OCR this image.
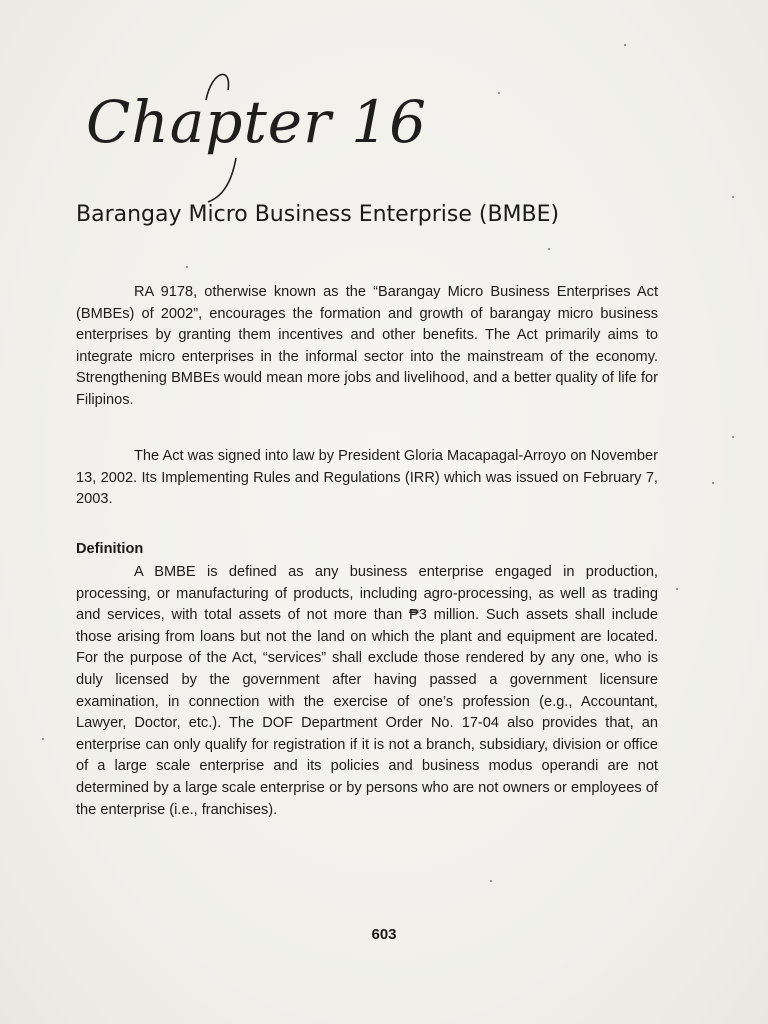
Chapter 16
Barangay Micro Business Enterprise (BMBE)

RA 9178, otherwise known as the “Barangay Micro Business Enterprises Act (BMBEs) of 2002”, encourages the formation and growth of barangay micro business enterprises by granting them incentives and other benefits. The Act primarily aims to integrate micro enterprises in the informal sector into the mainstream of the economy. Strengthening BMBEs would mean more jobs and livelihood, and a better quality of life for Filipinos.

The Act was signed into law by President Gloria Macapagal-Arroyo on November 13, 2002. Its Implementing Rules and Regulations (IRR) which was issued on February 7, 2003.

Definition

A BMBE is defined as any business enterprise engaged in production, processing, or manufacturing of products, including agro-processing, as well as trading and services, with total assets of not more than ₱3 million. Such assets shall include those arising from loans but not the land on which the plant and equipment are located. For the purpose of the Act, “services” shall exclude those rendered by any one, who is duly licensed by the government after having passed a government licensure examination, in connection with the exercise of one’s profession (e.g., Accountant, Lawyer, Doctor, etc.). The DOF Department Order No. 17-04 also provides that, an enterprise can only qualify for registration if it is not a branch, subsidiary, division or office of a large scale enterprise and its policies and business modus operandi are not determined by a large scale enterprise or by persons who are not owners or employees of the enterprise (i.e., franchises).

603
